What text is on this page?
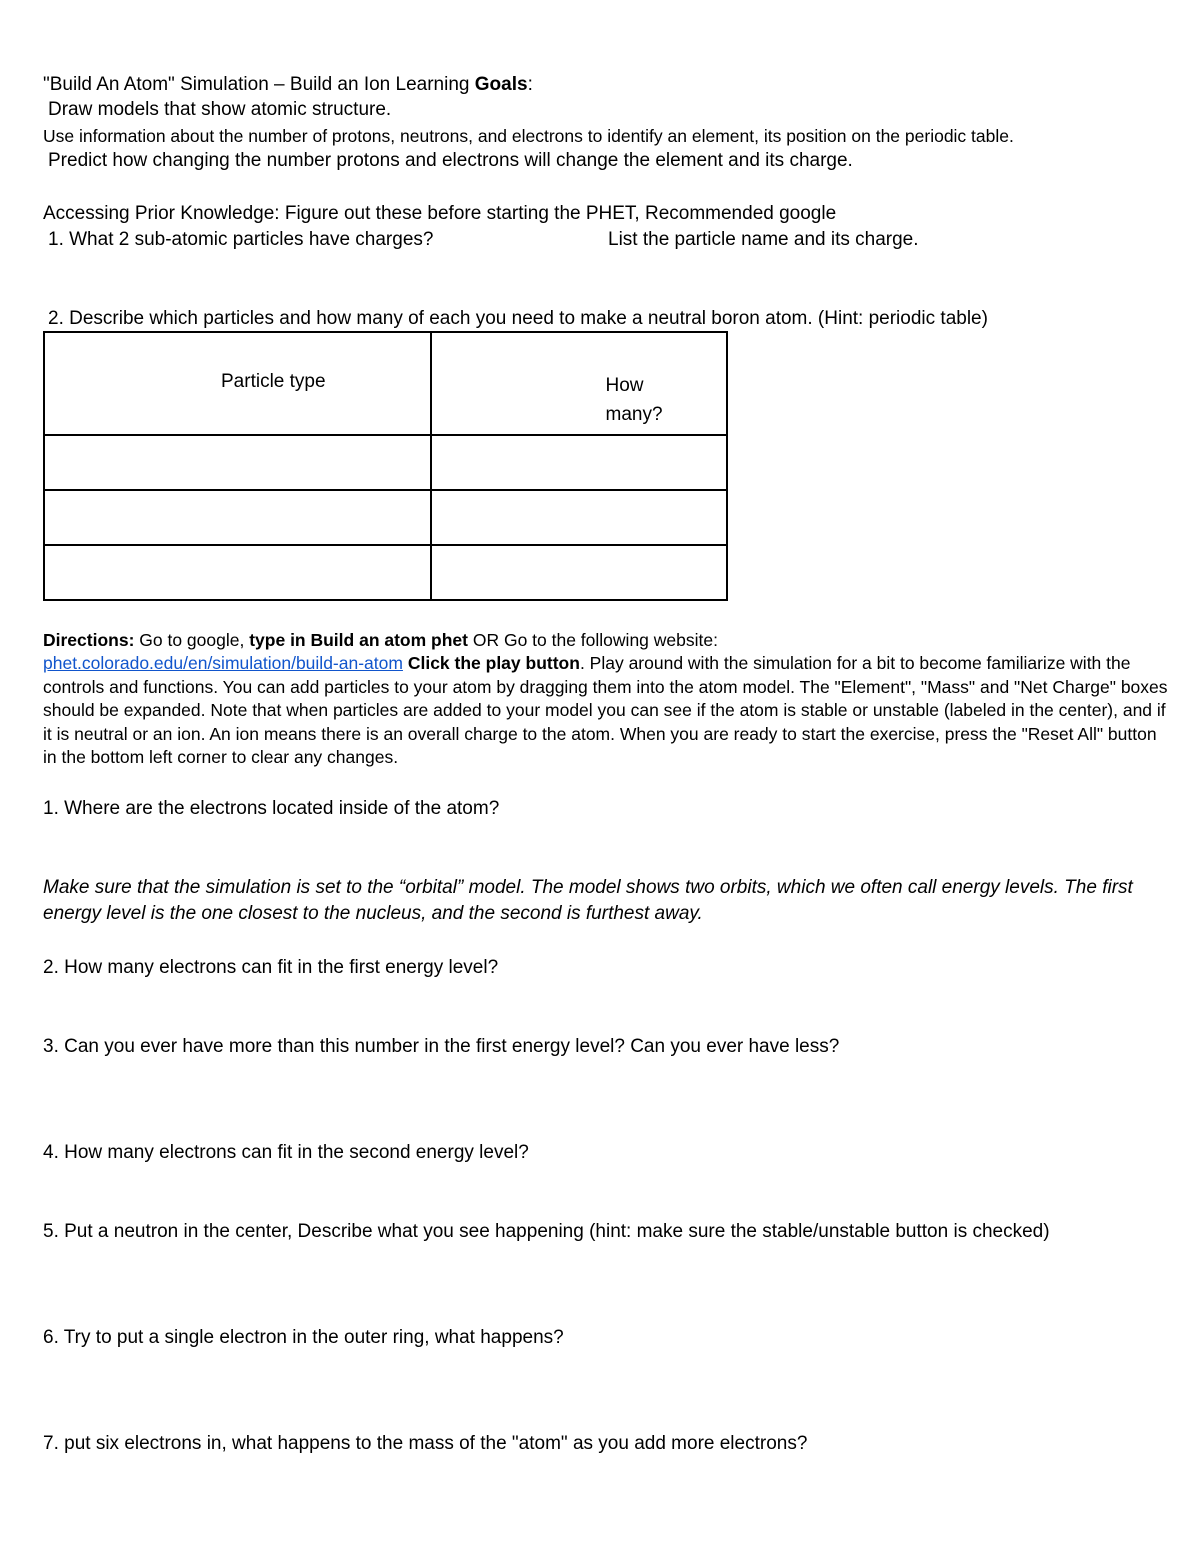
"Build An Atom" Simulation – Build an Ion Learning Goals:
Draw models that show atomic structure.
Use information about the number of protons, neutrons, and electrons to identify an element, its position on the periodic table.
Predict how changing the number protons and electrons will change the element and its charge.
Accessing Prior Knowledge: Figure out these before starting the PHET, Recommended google
1. What 2 sub-atomic particles have charges?	List the particle name and its charge.
2. Describe which particles and how many of each you need to make a neutral boron atom. (Hint: periodic table)
Particle type	How many?

Directions: Go to google, type in Build an atom phet OR Go to the following website:
phet.colorado.edu/en/simulation/build-an-atom Click the play button. Play around with the simulation for a bit to become familiarize with the controls and functions. You can add particles to your atom by dragging them into the atom model. The "Element", "Mass" and "Net Charge" boxes should be expanded. Note that when particles are added to your model you can see if the atom is stable or unstable (labeled in the center), and if it is neutral or an ion. An ion means there is an overall charge to the atom. When you are ready to start the exercise, press the "Reset All" button in the bottom left corner to clear any changes.
1. Where are the electrons located inside of the atom?
Make sure that the simulation is set to the “orbital” model. The model shows two orbits, which we often call energy levels. The first energy level is the one closest to the nucleus, and the second is furthest away.
2. How many electrons can fit in the first energy level?
3. Can you ever have more than this number in the first energy level? Can you ever have less?
4. How many electrons can fit in the second energy level?
5. Put a neutron in the center, Describe what you see happening (hint: make sure the stable/unstable button is checked)
6. Try to put a single electron in the outer ring, what happens?
7. put six electrons in, what happens to the mass of the "atom" as you add more electrons?
